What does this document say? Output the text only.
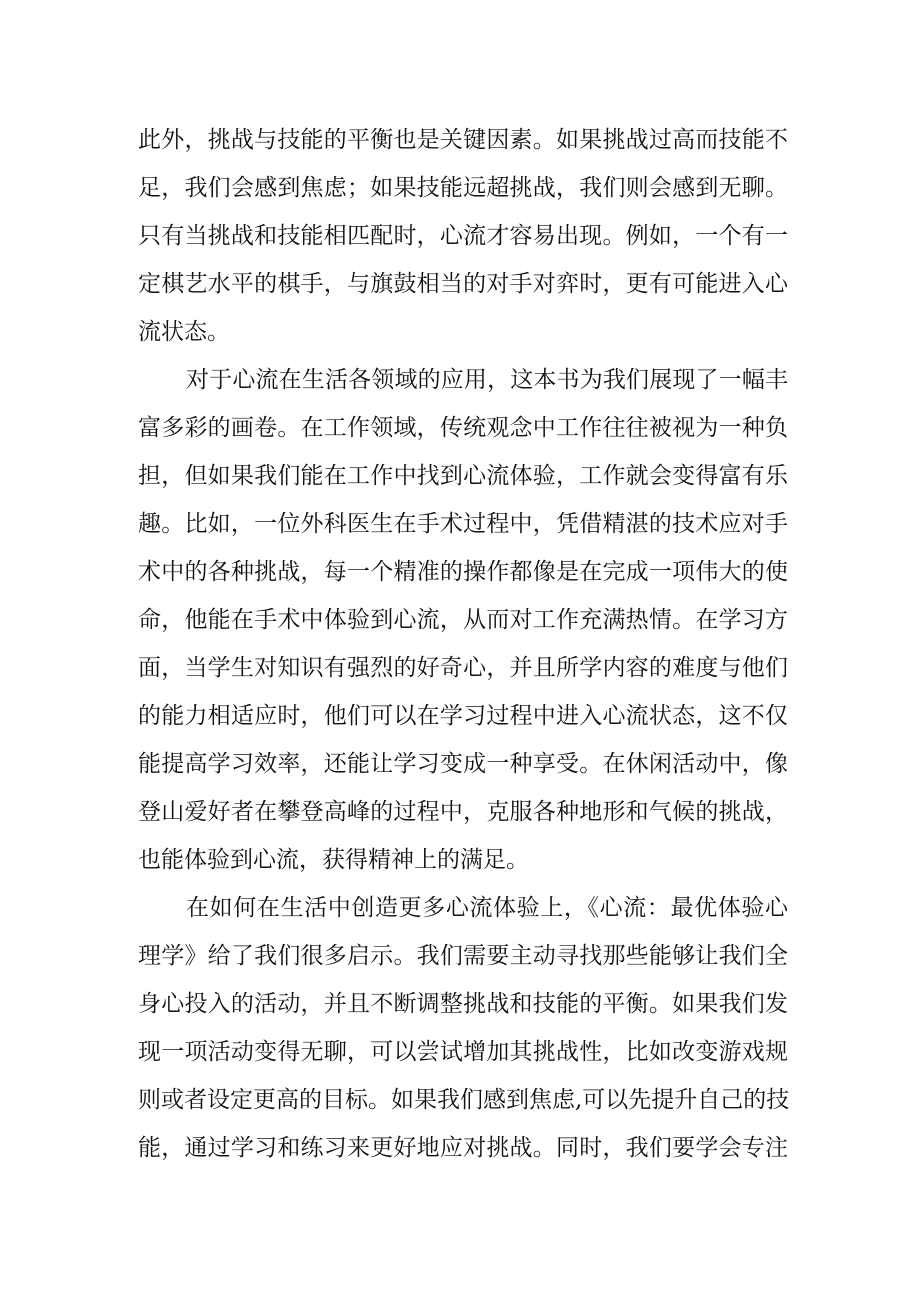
此外，挑战与技能的平衡也是关键因素。如果挑战过高而技能不
足，我们会感到焦虑；如果技能远超挑战，我们则会感到无聊。
只有当挑战和技能相匹配时，心流才容易出现。例如，一个有一
定棋艺水平的棋手，与旗鼓相当的对手对弈时，更有可能进入心
流状态。
对于心流在生活各领域的应用，这本书为我们展现了一幅丰
富多彩的画卷。在工作领域，传统观念中工作往往被视为一种负
担，但如果我们能在工作中找到心流体验，工作就会变得富有乐
趣。比如，一位外科医生在手术过程中，凭借精湛的技术应对手
术中的各种挑战，每一个精准的操作都像是在完成一项伟大的使
命，他能在手术中体验到心流，从而对工作充满热情。在学习方
面，当学生对知识有强烈的好奇心，并且所学内容的难度与他们
的能力相适应时，他们可以在学习过程中进入心流状态，这不仅
能提高学习效率，还能让学习变成一种享受。在休闲活动中，像
登山爱好者在攀登高峰的过程中，克服各种地形和气候的挑战，
也能体验到心流，获得精神上的满足。
在如何在生活中创造更多心流体验上，《心流：最优体验心
理学》给了我们很多启示。我们需要主动寻找那些能够让我们全
身心投入的活动，并且不断调整挑战和技能的平衡。如果我们发
现一项活动变得无聊，可以尝试增加其挑战性，比如改变游戏规
则或者设定更高的目标。如果我们感到焦虑,可以先提升自己的技
能，通过学习和练习来更好地应对挑战。同时，我们要学会专注
